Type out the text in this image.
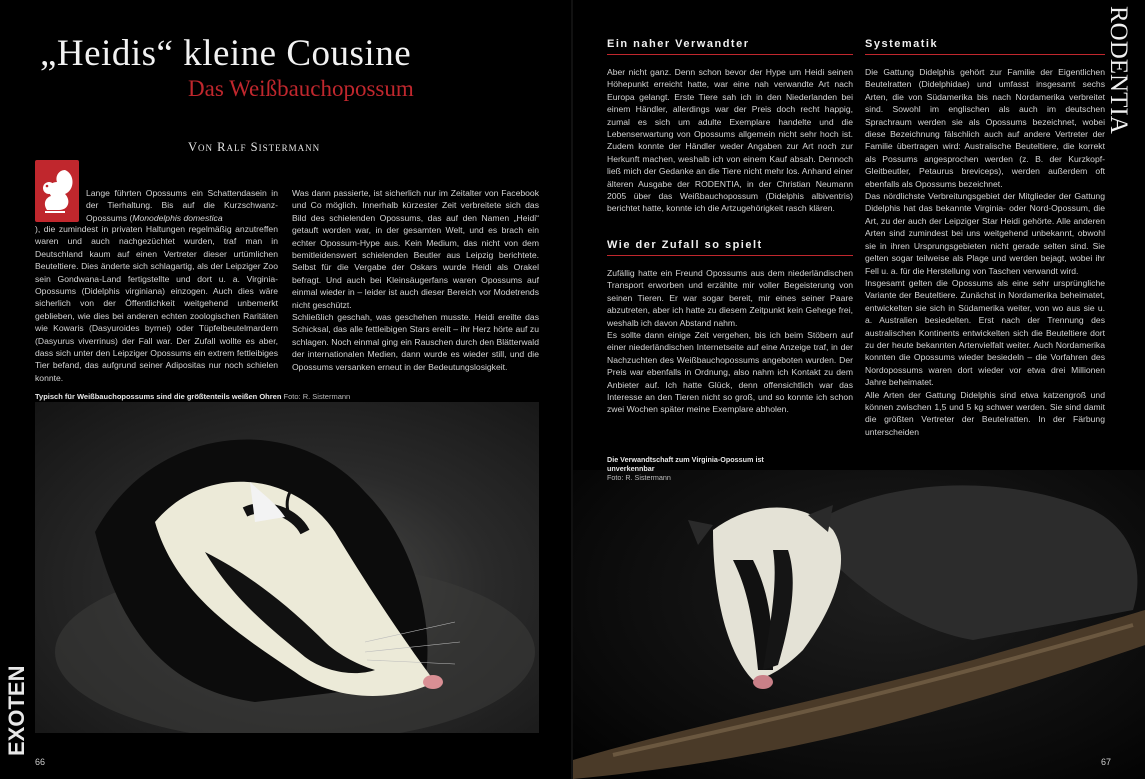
„Heidis“ kleine Cousine
Das Weißbauchopossum
Von Ralf Sistermann
Lange führten Opossums ein Schattendasein in der Tierhaltung. Bis auf die Kurzschwanz-Opossums (Monodelphis domestica

), die zumindest in privaten Haltungen regelmäßig anzutreffen waren und auch nachgezüchtet wurden, traf man in Deutschland kaum auf einen Vertreter dieser urtümlichen Beuteltiere. Dies änderte sich schlagartig, als der Leipziger Zoo sein Gondwana-Land fertigstellte und dort u. a. Virginia-Opossums (Didelphis virginiana) einzogen. Auch dies wäre sicherlich von der Öffentlichkeit weitgehend unbemerkt geblieben, wie dies bei anderen echten zoologischen Raritäten wie Kowaris (Dasyuroides byrnei) oder Tüpfelbeutelmardern (Dasyurus viverrinus) der Fall war. Der Zufall wollte es aber, dass sich unter den Leipziger Opossums ein extrem fettleibiges Tier befand, das aufgrund seiner Adipositas nur noch schielen konnte.

Was dann passierte, ist sicherlich nur im Zeitalter von Facebook und Co möglich. Innerhalb kürzester Zeit verbreitete sich das Bild des schielenden Opossums, das auf den Namen „Heidi“ getauft worden war, in der gesamten Welt, und es brach ein echter Opossum-Hype aus. Kein Medium, das nicht von dem bemitleidenswert schielenden Beutler aus Leipzig berichtete. Selbst für die Vergabe der Oskars wurde Heidi als Orakel befragt. Und auch bei Kleinsäugerfans waren Opossums auf einmal wieder in – leider ist auch dieser Bereich vor Modetrends nicht geschützt.

Schließlich geschah, was geschehen musste. Heidi ereilte das Schicksal, das alle fettleibigen Stars ereilt – ihr Herz hörte auf zu schlagen. Noch einmal ging ein Rauschen durch den Blätterwald der internationalen Medien, dann wurde es wieder still, und die Opossums versanken erneut in der Bedeutungslosigkeit.

Typisch für Weißbauchopossums sind die größtenteils weißen Ohren Foto: R. Sistermann
EXOTEN
66
Ein naher Verwandter

Aber nicht ganz. Denn schon bevor der Hype um Heidi seinen Höhepunkt erreicht hatte, war eine nah verwandte Art nach Europa gelangt. Erste Tiere sah ich in den Niederlanden bei einem Händler, allerdings war der Preis doch recht happig, zumal es sich um adulte Exemplare handelte und die Lebenserwartung von Opossums allgemein nicht sehr hoch ist. Zudem konnte der Händler weder Angaben zur Art noch zur Herkunft machen, weshalb ich von einem Kauf absah. Dennoch ließ mich der Gedanke an die Tiere nicht mehr los. Anhand einer älteren Ausgabe der RODENTIA, in der Christian Neumann 2005 über das Weißbauchopossum (Didelphis albiventris) berichtet hatte, konnte ich die Artzugehörigkeit rasch klären.

Wie der Zufall so spielt

Zufällig hatte ein Freund Opossums aus dem niederländischen Transport erworben und erzählte mir voller Begeisterung von seinen Tieren. Er war sogar bereit, mir eines seiner Paare abzutreten, aber ich hatte zu diesem Zeitpunkt kein Gehege frei, weshalb ich davon Abstand nahm.

Es sollte dann einige Zeit vergehen, bis ich beim Stöbern auf einer niederländischen Internetseite auf eine Anzeige traf, in der Nachzuchten des Weißbauchopossums angeboten wurden. Der Preis war ebenfalls in Ordnung, also nahm ich Kontakt zu dem Anbieter auf. Ich hatte Glück, denn offensichtlich war das Interesse an den Tieren nicht so groß, und so konnte ich schon zwei Wochen später meine Exemplare abholen.

Systematik

Die Gattung Didelphis gehört zur Familie der Eigentlichen Beutelratten (Didelphidae) und umfasst insgesamt sechs Arten, die von Südamerika bis nach Nordamerika verbreitet sind. Sowohl im englischen als auch im deutschen Sprachraum werden sie als Opossums bezeichnet, wobei diese Bezeichnung fälschlich auch auf andere Vertreter der Familie übertragen wird: Australische Beuteltiere, die korrekt als Possums angesprochen werden (z. B. der Kurzkopf-Gleitbeutler, Petaurus breviceps), werden außerdem oft ebenfalls als Opossums bezeichnet.

Das nördlichste Verbreitungsgebiet der Mitglieder der Gattung Didelphis hat das bekannte Virginia- oder Nord-Opossum, die Art, zu der auch der Leipziger Star Heidi gehörte. Alle anderen Arten sind zumindest bei uns weitgehend unbekannt, obwohl sie in ihren Ursprungsgebieten nicht gerade selten sind. Sie gelten sogar teilweise als Plage und werden bejagt, wobei ihr Fell u. a. für die Herstellung von Taschen verwandt wird.

Insgesamt gelten die Opossums als eine sehr ursprüngliche Variante der Beuteltiere. Zunächst in Nordamerika beheimatet, entwickelten sie sich in Südamerika weiter, von wo aus sie u. a. Australien besiedelten. Erst nach der Trennung des australischen Kontinents entwickelten sich die Beuteltiere dort zu der heute bekannten Artenvielfalt weiter. Auch Nordamerika konnten die Opossums wieder besiedeln – die Vorfahren des Nordopossums waren dort wieder vor etwa drei Millionen Jahre beheimatet.

Alle Arten der Gattung Didelphis sind etwa katzengroß und können zwischen 1,5 und 5 kg schwer werden. Sie sind damit die größten Vertreter der Beutelratten. In der Färbung unterscheiden

RODENTIA
Die Verwandtschaft zum Virginia-Opossum ist unverkennbar
Foto: R. Sistermann
67
